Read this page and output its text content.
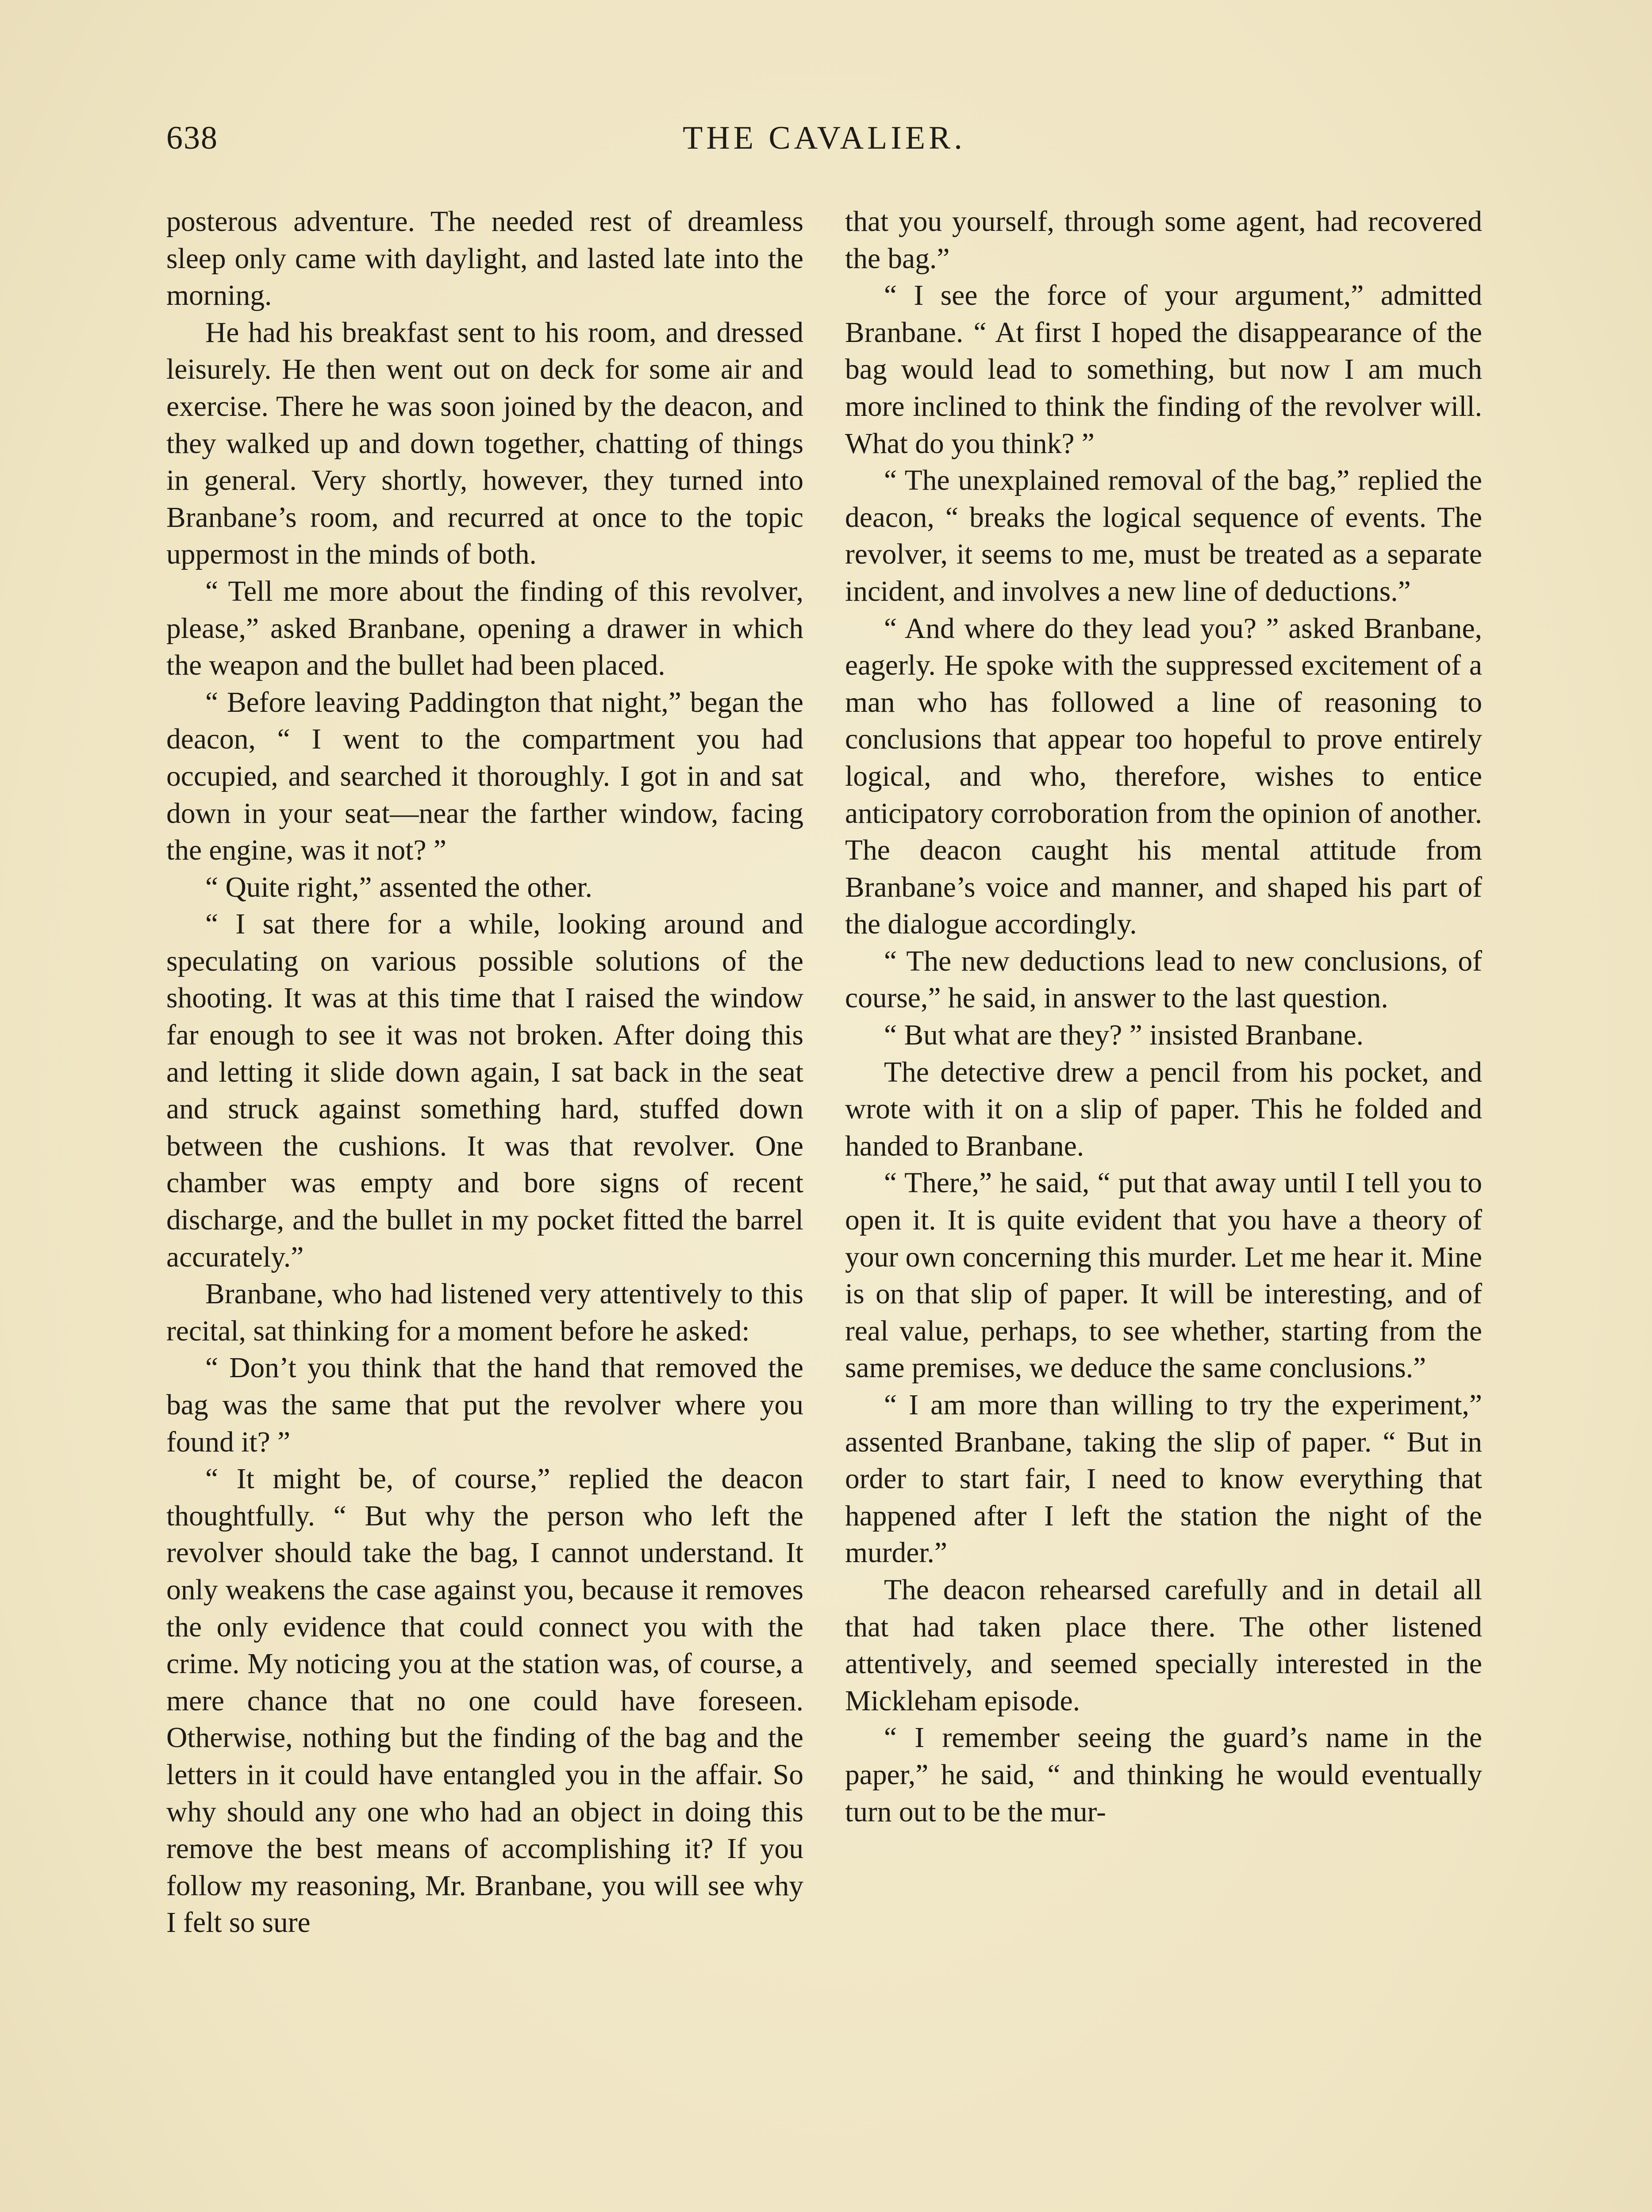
638	THE CAVALIER.

posterous adventure. The needed rest of dreamless sleep only came with daylight, and lasted late into the morning.

He had his breakfast sent to his room, and dressed leisurely. He then went out on deck for some air and exercise. There he was soon joined by the deacon, and they walked up and down together, chatting of things in general. Very shortly, however, they turned into Branbane’s room, and recurred at once to the topic uppermost in the minds of both.

“ Tell me more about the finding of this revolver, please,” asked Branbane, opening a drawer in which the weapon and the bullet had been placed.

“ Before leaving Paddington that night,” began the deacon, “ I went to the compartment you had occupied, and searched it thoroughly. I got in and sat down in your seat—near the farther window, facing the engine, was it not? ”

“ Quite right,” assented the other.

“ I sat there for a while, looking around and speculating on various possible solutions of the shooting. It was at this time that I raised the window far enough to see it was not broken. After doing this and letting it slide down again, I sat back in the seat and struck against something hard, stuffed down between the cushions. It was that revolver. One chamber was empty and bore signs of recent discharge, and the bullet in my pocket fitted the barrel accurately.”

Branbane, who had listened very attentively to this recital, sat thinking for a moment before he asked:

“ Don’t you think that the hand that removed the bag was the same that put the revolver where you found it? ”

“ It might be, of course,” replied the deacon thoughtfully. “ But why the person who left the revolver should take the bag, I cannot understand. It only weakens the case against you, because it removes the only evidence that could connect you with the crime. My noticing you at the station was, of course, a mere chance that no one could have foreseen. Otherwise, nothing but the finding of the bag and the letters in it could have entangled you in the affair. So why should any one who had an object in doing this remove the best means of accomplishing it? If you follow my reasoning, Mr. Branbane, you will see why I felt so sure

that you yourself, through some agent, had recovered the bag.”

“ I see the force of your argument,” admitted Branbane. “ At first I hoped the disappearance of the bag would lead to something, but now I am much more inclined to think the finding of the revolver will. What do you think? ”

“ The unexplained removal of the bag,” replied the deacon, “ breaks the logical sequence of events. The revolver, it seems to me, must be treated as a separate incident, and involves a new line of deductions.”

“ And where do they lead you? ” asked Branbane, eagerly. He spoke with the suppressed excitement of a man who has followed a line of reasoning to conclusions that appear too hopeful to prove entirely logical, and who, therefore, wishes to entice anticipatory corroboration from the opinion of another. The deacon caught his mental attitude from Branbane’s voice and manner, and shaped his part of the dialogue accordingly.

“ The new deductions lead to new conclusions, of course,” he said, in answer to the last question.

“ But what are they? ” insisted Branbane.

The detective drew a pencil from his pocket, and wrote with it on a slip of paper. This he folded and handed to Branbane.

“ There,” he said, “ put that away until I tell you to open it. It is quite evident that you have a theory of your own concerning this murder. Let me hear it. Mine is on that slip of paper. It will be interesting, and of real value, perhaps, to see whether, starting from the same premises, we deduce the same conclusions.”

“ I am more than willing to try the experiment,” assented Branbane, taking the slip of paper. “ But in order to start fair, I need to know everything that happened after I left the station the night of the murder.”

The deacon rehearsed carefully and in detail all that had taken place there. The other listened attentively, and seemed specially interested in the Mickleham episode.

“ I remember seeing the guard’s name in the paper,” he said, “ and thinking he would eventually turn out to be the mur-
